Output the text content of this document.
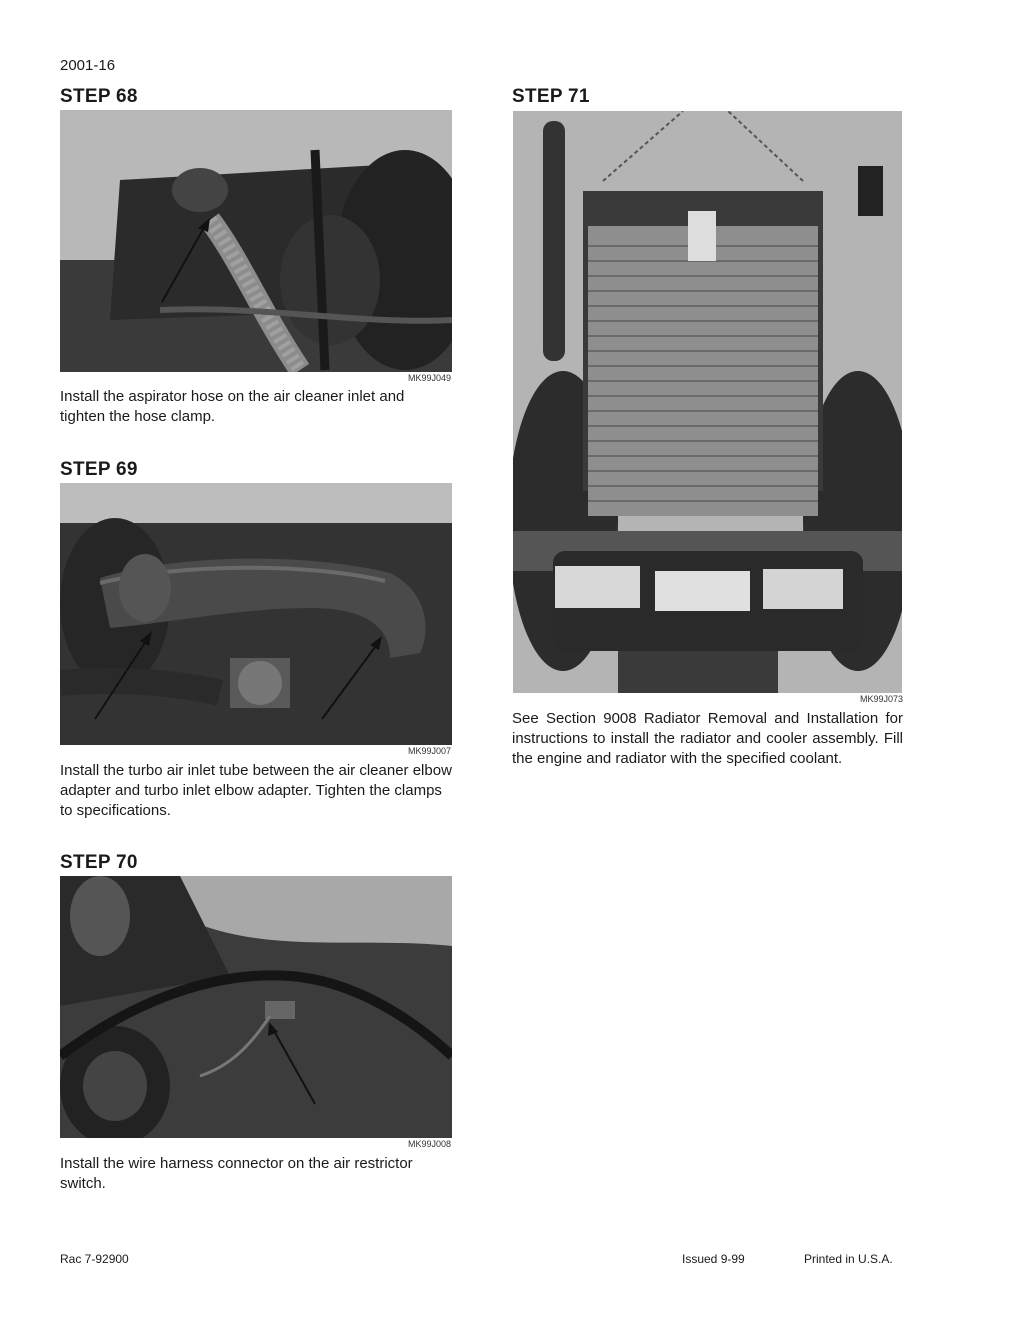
2001-16
STEP 68
MK99J049
Install the aspirator hose on the air cleaner inlet and tighten the hose clamp.
STEP 69
MK99J007
Install the turbo air inlet tube between the air cleaner elbow adapter and turbo inlet elbow adapter. Tighten the clamps to specifications.
STEP 70
MK99J008
Install the wire harness connector on the air restrictor switch.
STEP 71
MK99J073
See Section 9008 Radiator Removal and Installation for instructions to install the radiator and cooler assembly. Fill the engine and radiator with the specified coolant.
Rac 7-92900	Issued 9-99	Printed in U.S.A.
